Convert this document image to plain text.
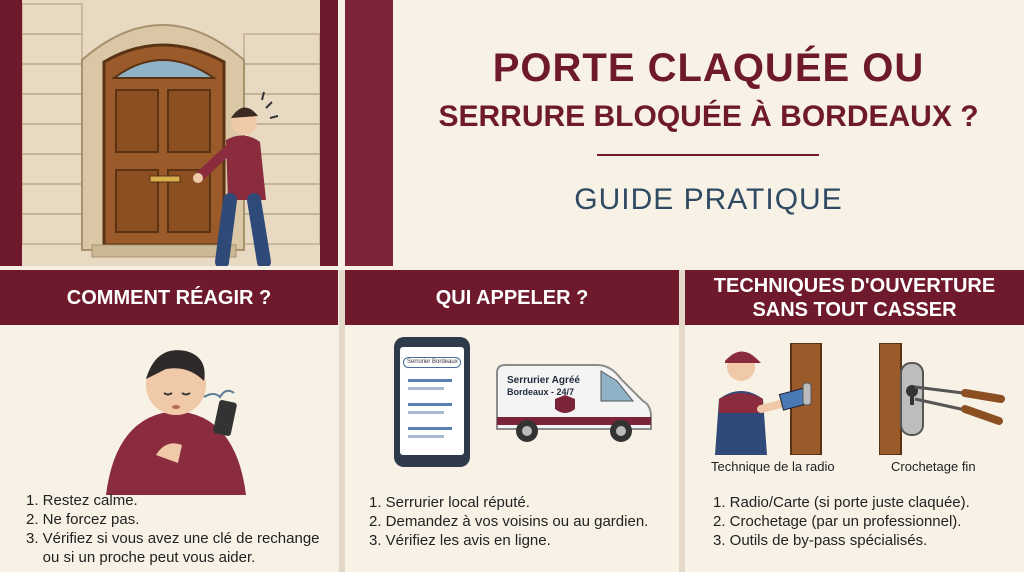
PORTE CLAQUÉE OU
SERRURE BLOQUÉE À BORDEAUX ?
GUIDE PRATIQUE
COMMENT RÉAGIR ?
1. Restez calme.
2. Ne forcez pas.
3. Vérifiez si vous avez une clé de rechange
ou si un proche peut vous aider.
QUI APPELER ?
Serrurier Bordeaux
Serrurier Agréé
Bordeaux - 24/7
1. Serrurier local réputé.
2. Demandez à vos voisins ou au gardien.
3. Vérifiez les avis en ligne.
TECHNIQUES D'OUVERTURE
SANS TOUT CASSER
Technique de la radio	Crochetage fin
1. Radio/Carte (si porte juste claquée).
2. Crochetage (par un professionnel).
3. Outils de by-pass spécialisés.
